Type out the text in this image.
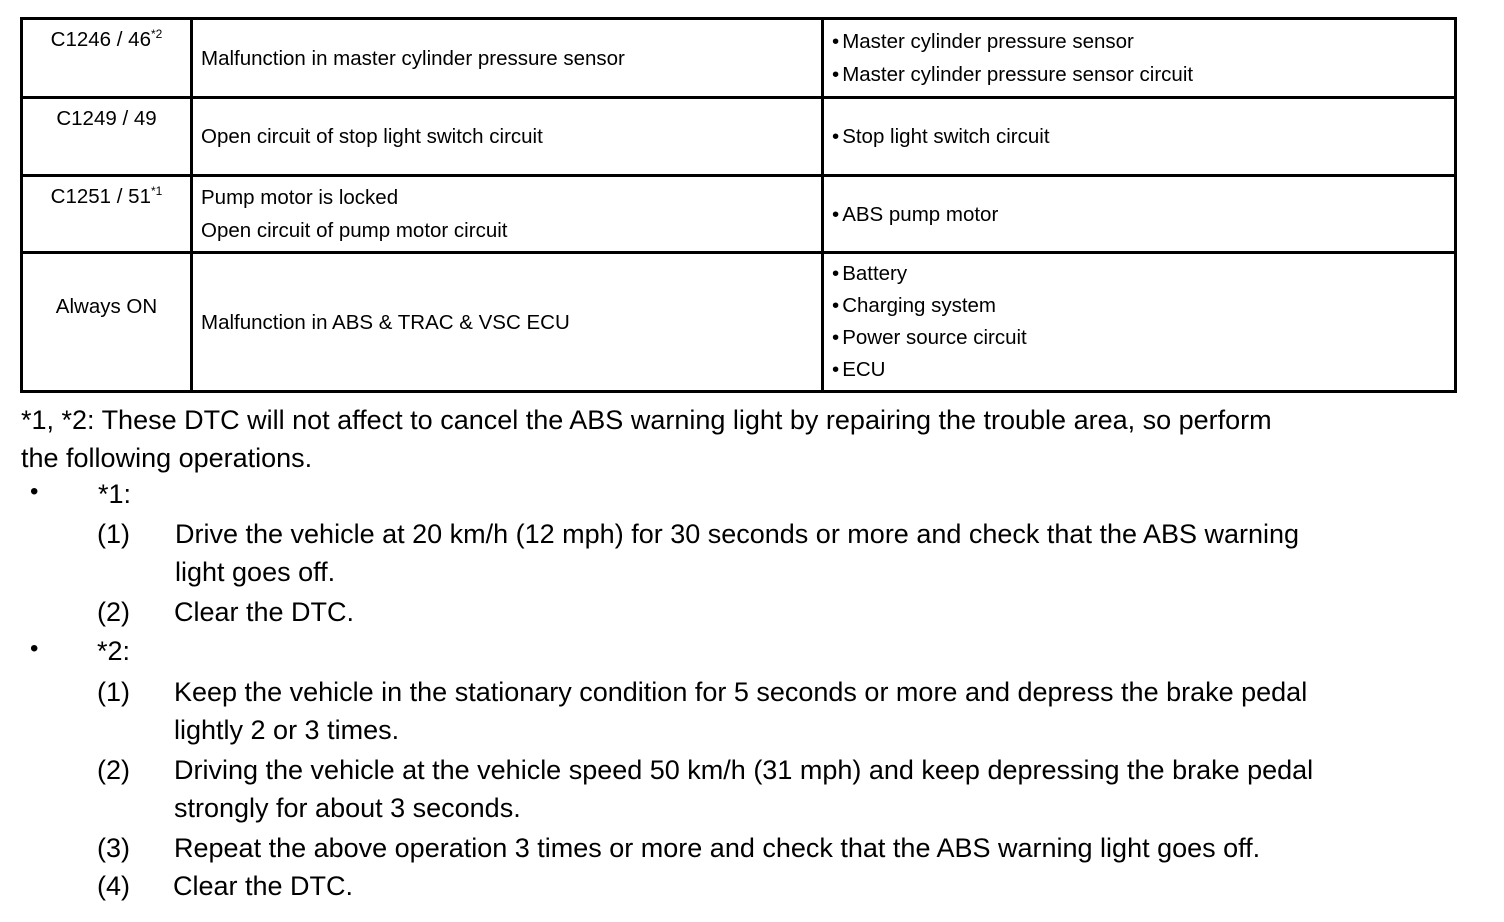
C1246 / 46$^{*2}$	Malfunction in master cylinder pressure sensor	• Master cylinder pressure sensor
• Master cylinder pressure sensor circuit

C1249 / 49	Open circuit of stop light switch circuit	• Stop light switch circuit

C1251 / 51$^{*1}$	Pump motor is locked
Open circuit of pump motor circuit	• ABS pump motor

Always ON	Malfunction in ABS & TRAC & VSC ECU	• Battery
• Charging system
• Power source circuit
• ECU
*1, *2: These DTC will not affect to cancel the ABS warning light by repairing the trouble area, so perform
the following operations.
• *1:
(1) Drive the vehicle at 20 km/h (12 mph) for 30 seconds or more and check that the ABS warning
light goes off.
(2) Clear the DTC.
• *2:
(1) Keep the vehicle in the stationary condition for 5 seconds or more and depress the brake pedal
lightly 2 or 3 times.
(2) Driving the vehicle at the vehicle speed 50 km/h (31 mph) and keep depressing the brake pedal
strongly for about 3 seconds.
(3) Repeat the above operation 3 times or more and check that the ABS warning light goes off.
(4) Clear the DTC.
